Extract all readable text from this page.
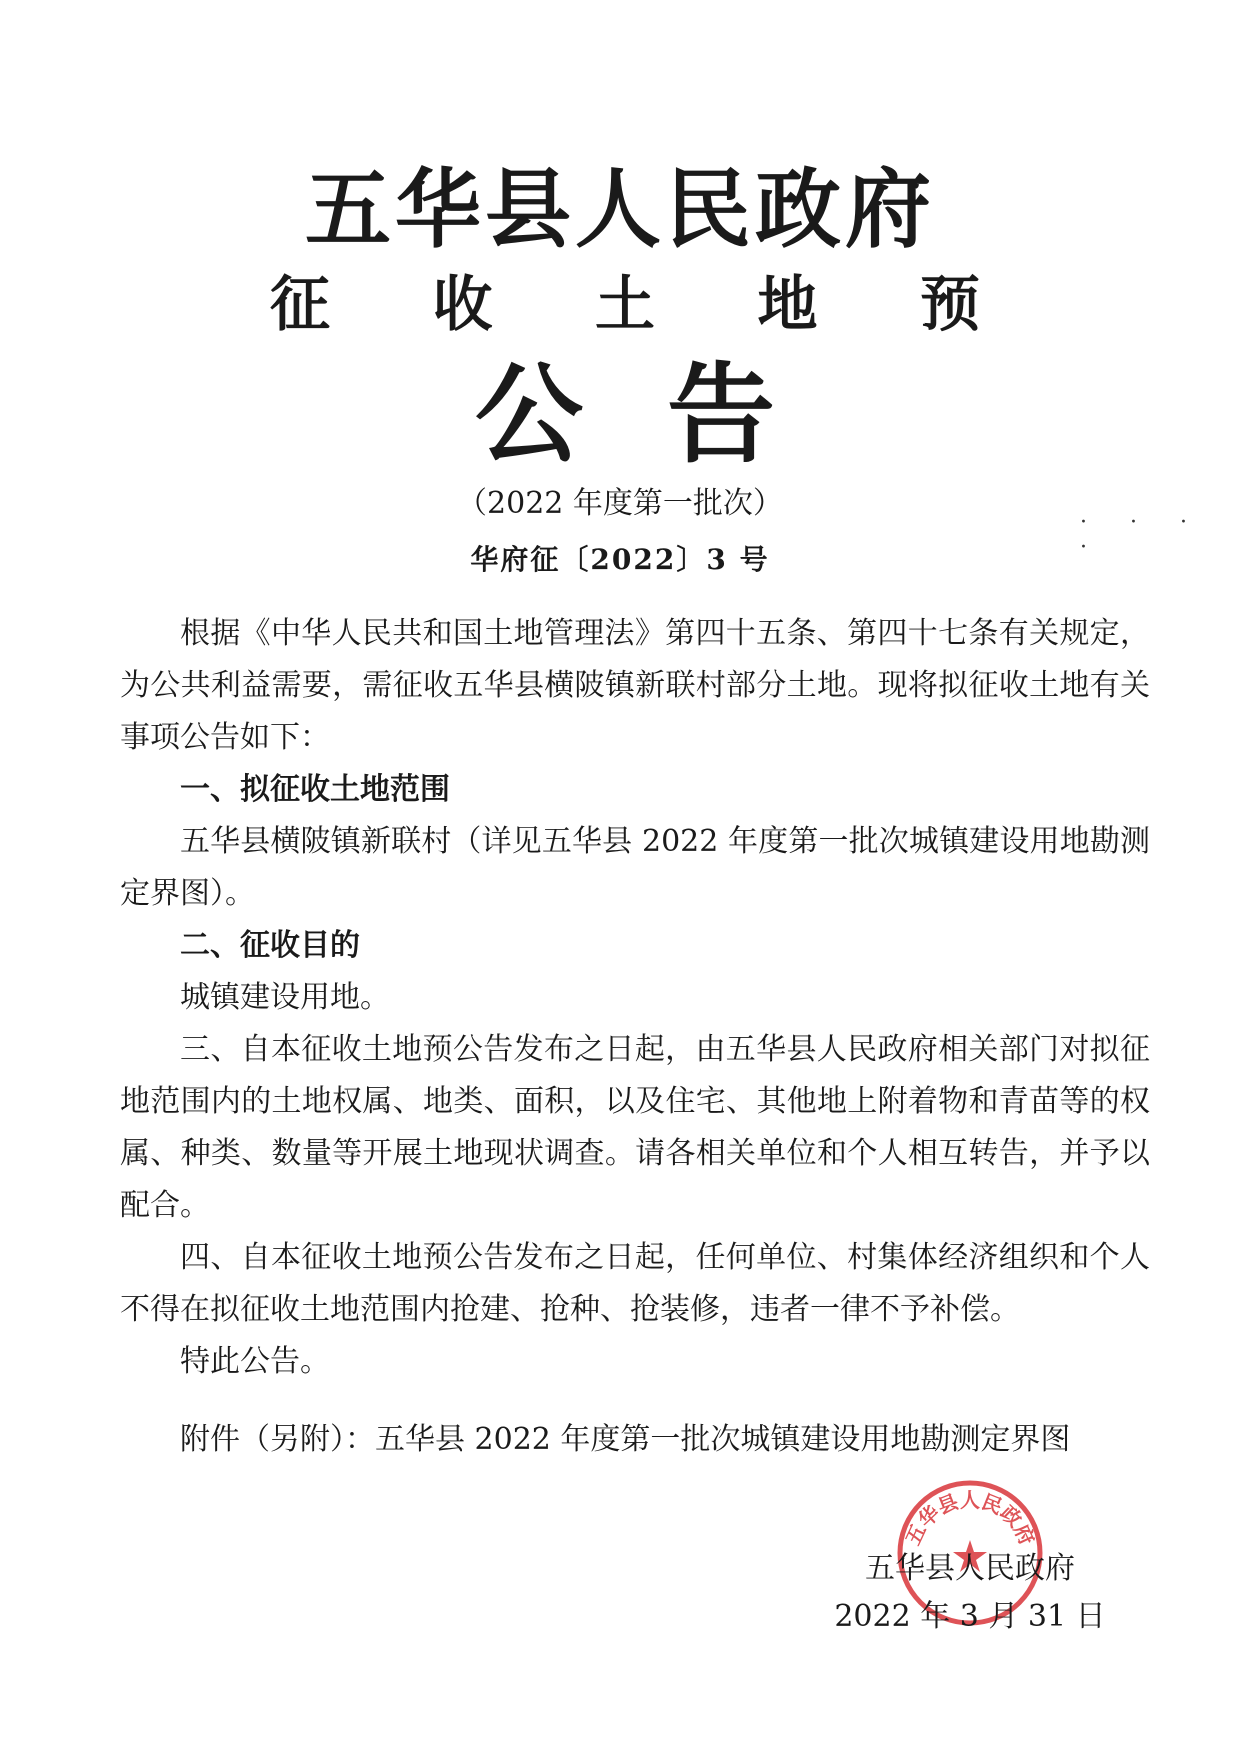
五华县人民政府
征 收 土 地 预
公 告
（2022 年度第一批次）
· · · ·
华府征〔2022〕3 号

根据《中华人民共和国土地管理法》第四十五条、第四十七条有关规定，为公共利益需要，需征收五华县横陂镇新联村部分土地。现将拟征收土地有关事项公告如下：

一、拟征收土地范围

五华县横陂镇新联村（详见五华县 2022 年度第一批次城镇建设用地勘测定界图）。

二、征收目的

城镇建设用地。

三、自本征收土地预公告发布之日起，由五华县人民政府相关部门对拟征地范围内的土地权属、地类、面积，以及住宅、其他地上附着物和青苗等的权属、种类、数量等开展土地现状调查。请各相关单位和个人相互转告，并予以配合。

四、自本征收土地预公告发布之日起，任何单位、村集体经济组织和个人不得在拟征收土地范围内抢建、抢种、抢装修，违者一律不予补偿。

特此公告。

附件（另附）：五华县 2022 年度第一批次城镇建设用地勘测定界图

五华县人民政府
五华县人民政府
2022 年 3 月 31 日
